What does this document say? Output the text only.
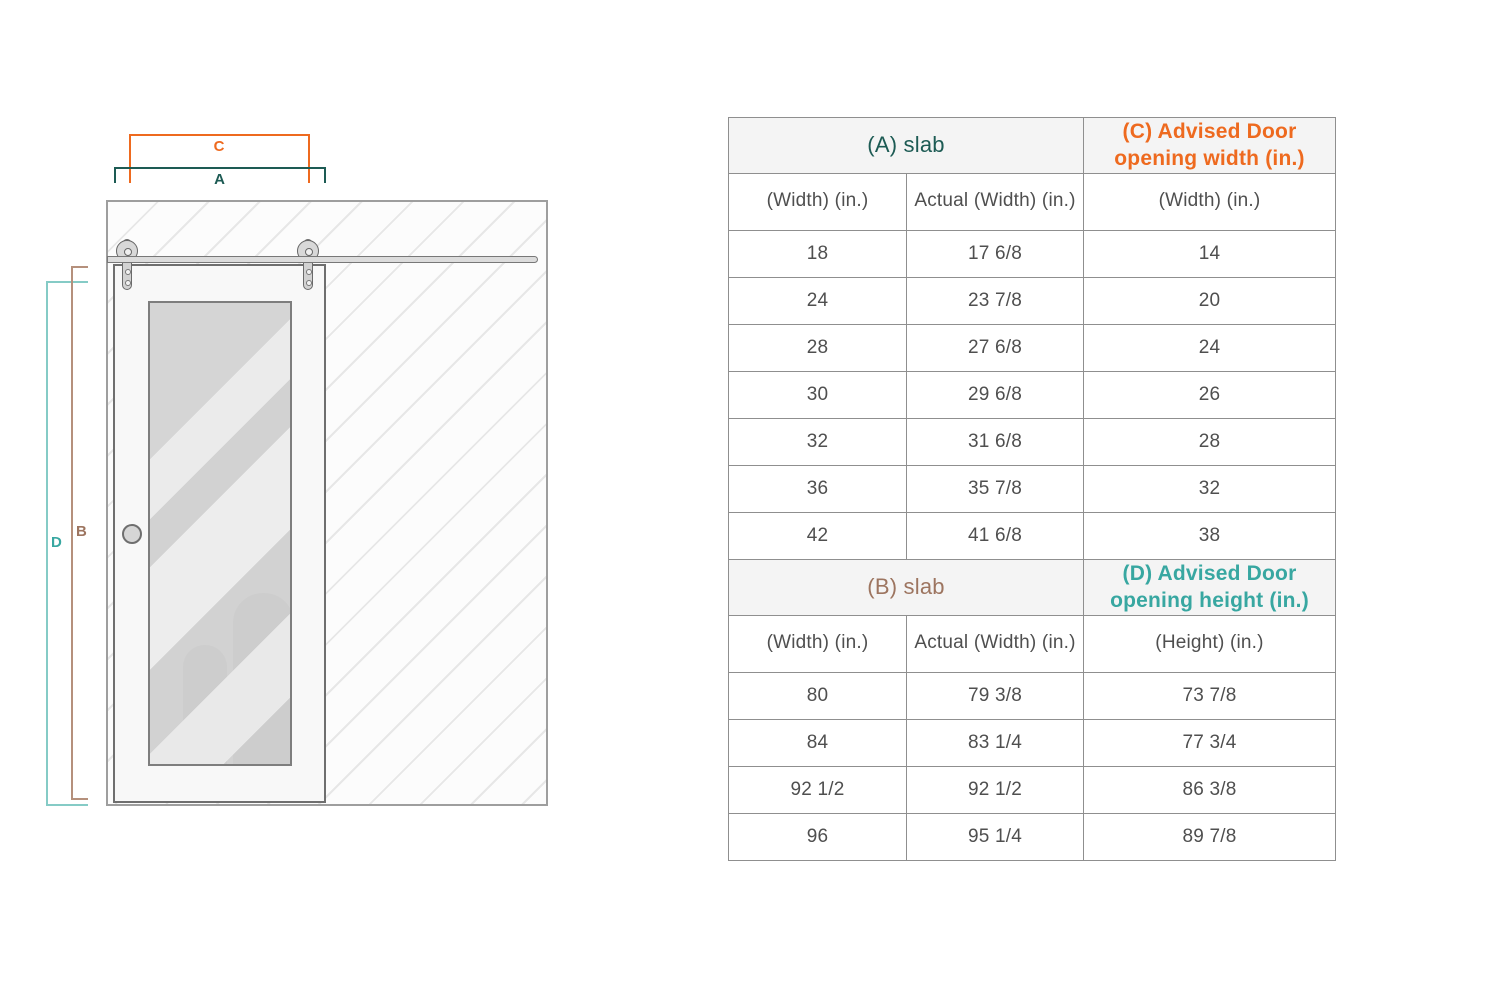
C
A
D
B
(A) slab		(C) Advised Door opening width (in.)
(Width) (in.)	Actual (Width) (in.)	(Width) (in.)
18	17 6/8	14
24	23 7/8	20
28	27 6/8	24
30	29 6/8	26
32	31 6/8	28
36	35 7/8	32
42	41 6/8	38
(B) slab		(D) Advised Door opening height (in.)
(Width) (in.)	Actual (Width) (in.)	(Height) (in.)
80	79 3/8	73 7/8
84	83 1/4	77 3/4
92 1/2	92 1/2	86 3/8
96	95 1/4	89 7/8
